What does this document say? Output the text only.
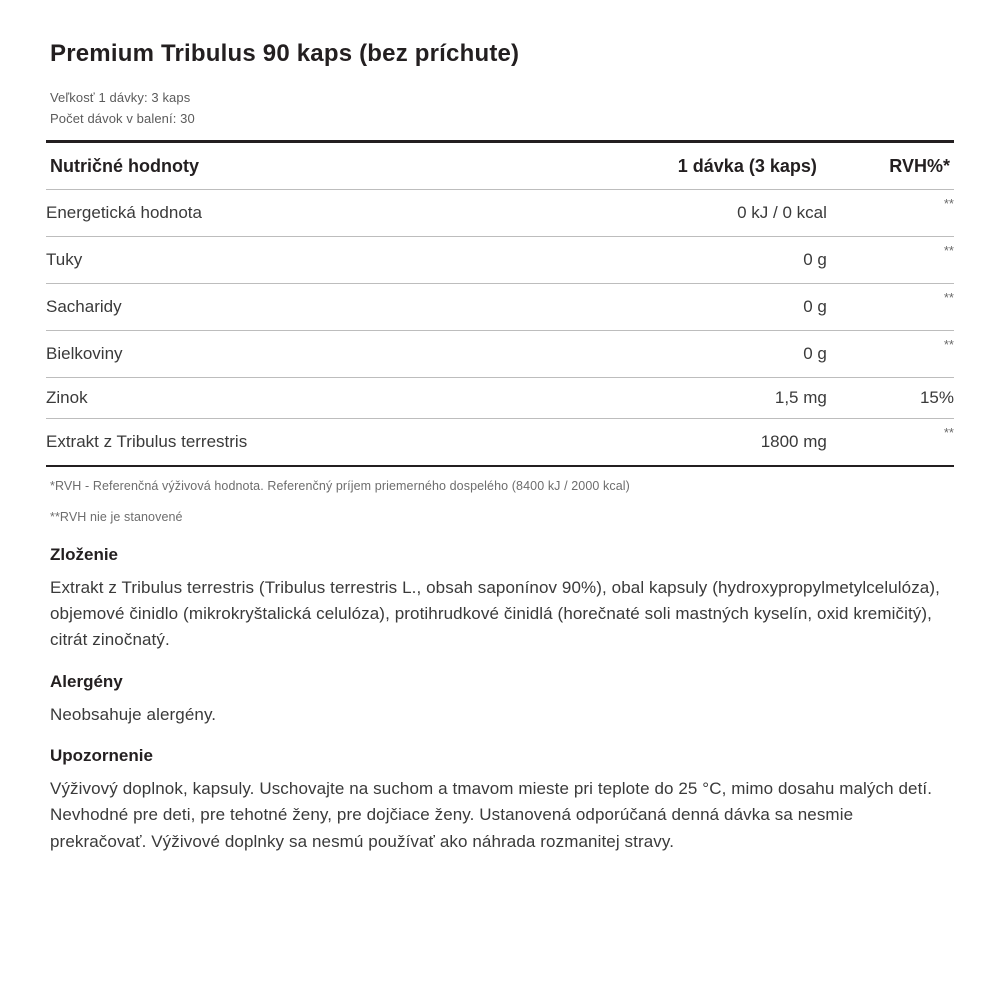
Premium Tribulus 90 kaps (bez príchute)
Veľkosť 1 dávky: 3 kaps
Počet dávok v balení: 30
Nutričné hodnoty	1 dávka (3 kaps)	RVH%*
Energetická hodnota	0 kJ / 0 kcal	**
Tuky	0 g	**
Sacharidy	0 g	**
Bielkoviny	0 g	**
Zinok	1,5 mg	15%
Extrakt z Tribulus terrestris	1800 mg	**
*RVH - Referenčná výživová hodnota. Referenčný príjem priemerného dospelého (8400 kJ / 2000 kcal)
**RVH nie je stanovené
Zloženie

Extrakt z Tribulus terrestris (Tribulus terrestris L., obsah saponínov 90%), obal kapsuly (hydroxypropylmetylcelulóza), objemové činidlo (mikrokryštalická celulóza), protihrudkové činidlá (horečnaté soli mastných kyselín, oxid kremičitý), citrát zinočnatý.

Alergény

Neobsahuje alergény.

Upozornenie

Výživový doplnok, kapsuly. Uschovajte na suchom a tmavom mieste pri teplote do 25 °C, mimo dosahu malých detí. Nevhodné pre deti, pre tehotné ženy, pre dojčiace ženy. Ustanovená odporúčaná denná dávka sa nesmie prekračovať. Výživové doplnky sa nesmú používať ako náhrada rozmanitej stravy.
